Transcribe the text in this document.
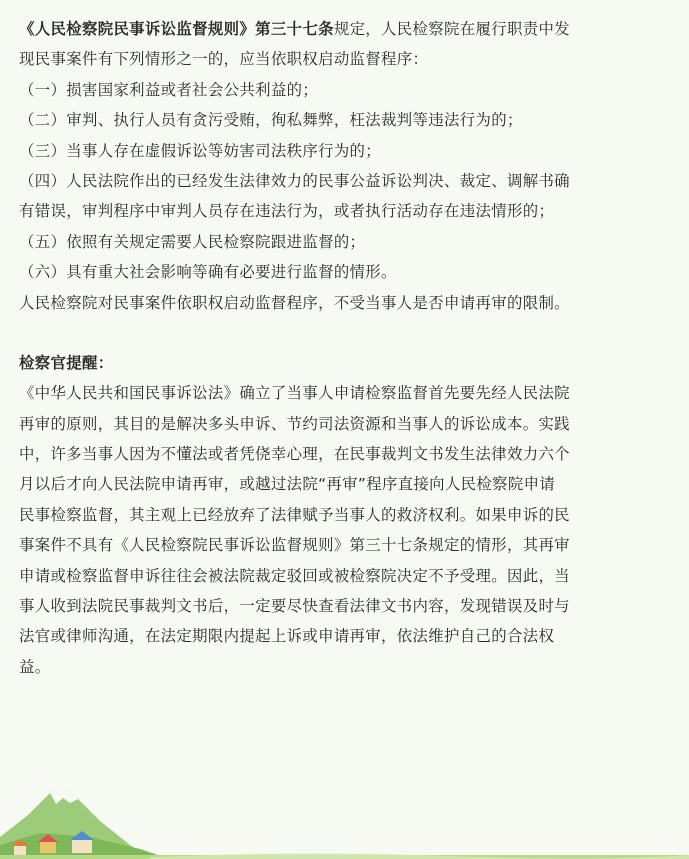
《人民检察院民事诉讼监督规则》第三十七条规定，人民检察院在履行职责中发
现民事案件有下列情形之一的，应当依职权启动监督程序：
（一）损害国家利益或者社会公共利益的；
（二）审判、执行人员有贪污受贿，徇私舞弊，枉法裁判等违法行为的；
（三）当事人存在虚假诉讼等妨害司法秩序行为的；
（四）人民法院作出的已经发生法律效力的民事公益诉讼判决、裁定、调解书确
有错误，审判程序中审判人员存在违法行为，或者执行活动存在违法情形的；
（五）依照有关规定需要人民检察院跟进监督的；
（六）具有重大社会影响等确有必要进行监督的情形。
人民检察院对民事案件依职权启动监督程序，不受当事人是否申请再审的限制。
检察官提醒：
《中华人民共和国民事诉讼法》确立了当事人申请检察监督首先要先经人民法院
再审的原则，其目的是解决多头申诉、节约司法资源和当事人的诉讼成本。实践
中，许多当事人因为不懂法或者凭侥幸心理，在民事裁判文书发生法律效力六个
月以后才向人民法院申请再审，或越过法院“再审”程序直接向人民检察院申请
民事检察监督，其主观上已经放弃了法律赋予当事人的救济权利。如果申诉的民
事案件不具有《人民检察院民事诉讼监督规则》第三十七条规定的情形，其再审
申请或检察监督申诉往往会被法院裁定驳回或被检察院决定不予受理。因此，当
事人收到法院民事裁判文书后，一定要尽快查看法律文书内容，发现错误及时与
法官或律师沟通，在法定期限内提起上诉或申请再审，依法维护自己的合法权
益。
